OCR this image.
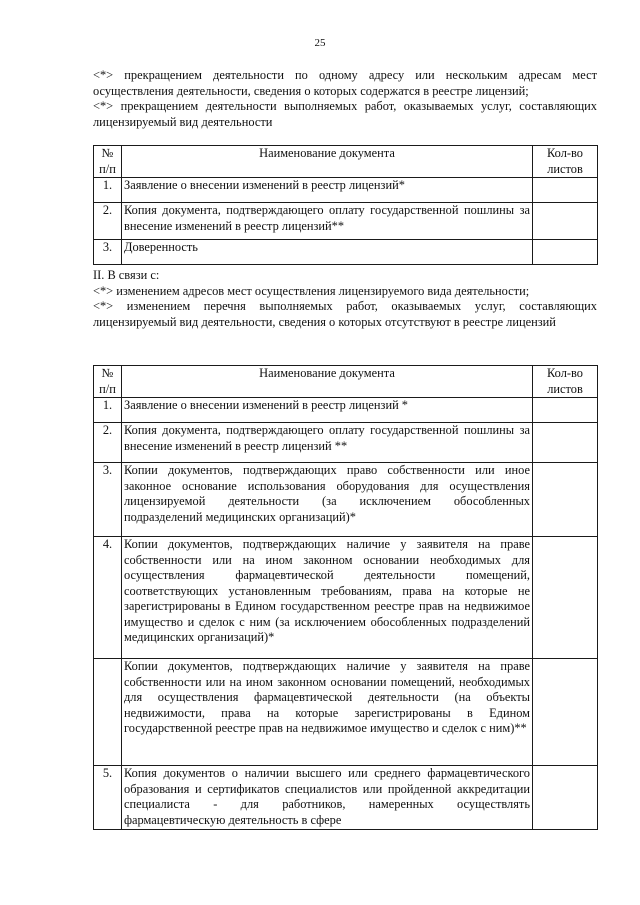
25

<*> прекращением деятельности по одному адресу или нескольким адресам мест осуществления деятельности, сведения о которых содержатся в реестре лицензий;

<*> прекращением деятельности выполняемых работ, оказываемых услуг, составляющих лицензируемый вид деятельности

№ п/п	Наименование документа	Кол-во листов
1.	Заявление о внесении изменений в реестр лицензий*	
2.	Копия документа, подтверждающего оплату государственной пошлины за внесение изменений в реестр лицензий**	
3.	Доверенность	

II. В связи с:

<*> изменением адресов мест осуществления лицензируемого вида деятельности;

<*> изменением перечня выполняемых работ, оказываемых услуг, составляющих лицензируемый вид деятельности, сведения о которых отсутствуют в реестре лицензий

№ п/п	Наименование документа	Кол-во листов
1.	Заявление о внесении изменений в реестр лицензий *	
2.	Копия документа, подтверждающего оплату государственной пошлины за внесение изменений в реестр лицензий **	
3.	Копии документов, подтверждающих право собственности или иное законное основание использования оборудования для осуществления лицензируемой деятельности (за исключением обособленных подразделений медицинских организаций)*	
4.	Копии документов, подтверждающих наличие у заявителя на праве собственности или на ином законном основании необходимых для осуществления фармацевтической деятельности помещений, соответствующих установленным требованиям, права на которые не зарегистрированы в Едином государственном реестре прав на недвижимое имущество и сделок с ним (за исключением обособленных подразделений медицинских организаций)*	
	Копии документов, подтверждающих наличие у заявителя на праве собственности или на ином законном основании помещений, необходимых для осуществления фармацевтической деятельности (на объекты недвижимости, права на которые зарегистрированы в Едином государственной реестре прав на недвижимое имущество и сделок с ним)**	
5.	Копия документов о наличии высшего или среднего фармацевтического образования и сертификатов специалистов или пройденной аккредитации специалиста - для работников, намеренных осуществлять фармацевтическую деятельность в сфере	
